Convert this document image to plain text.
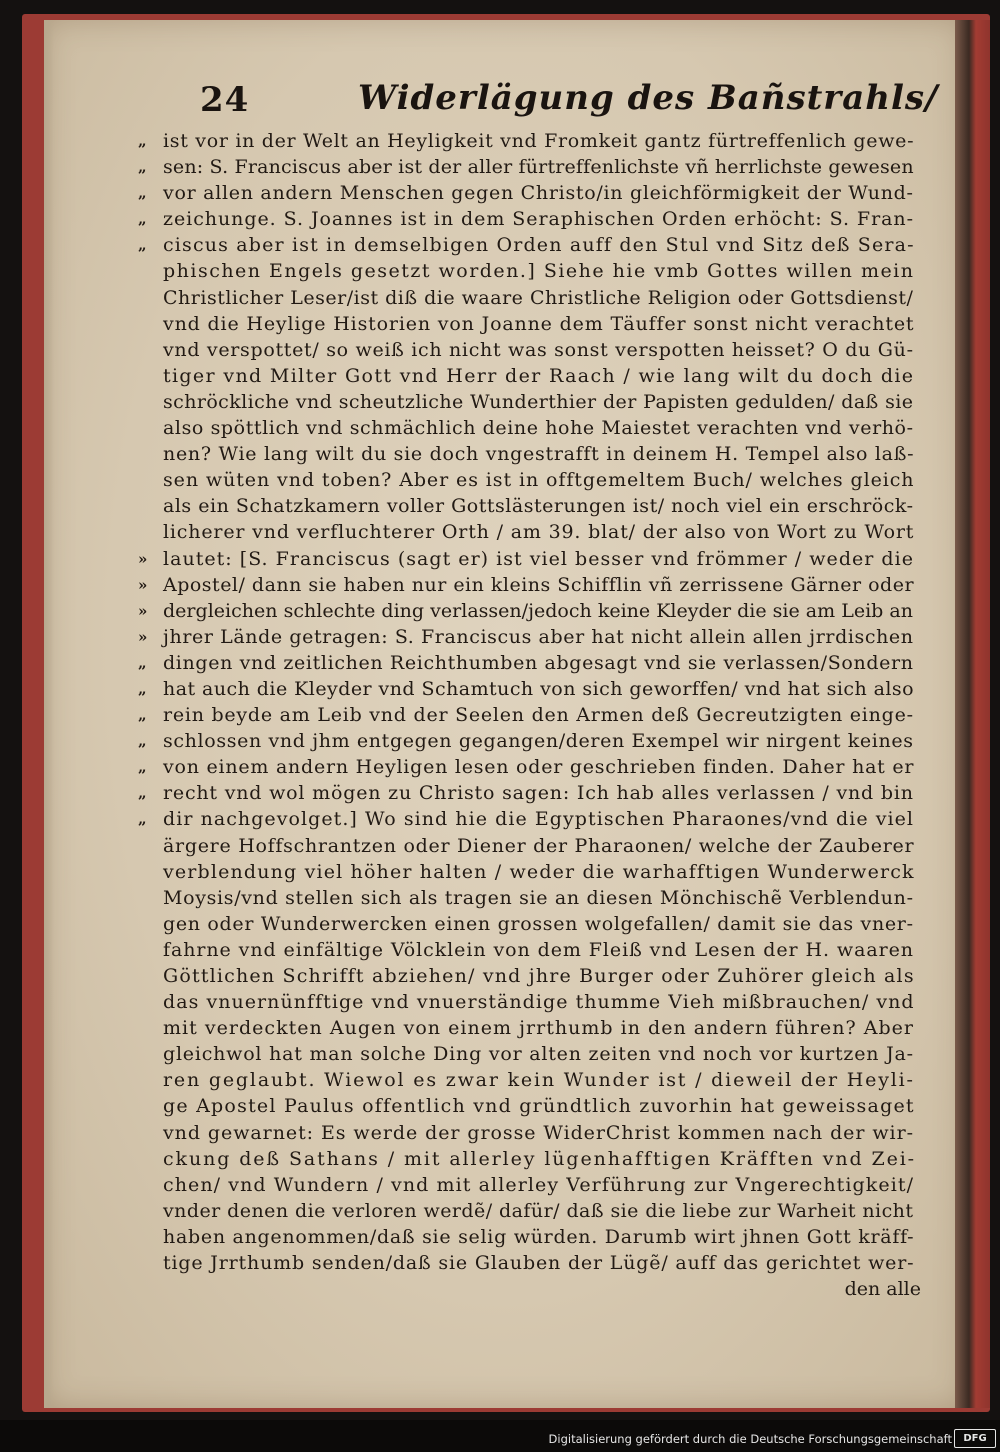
24	Widerlägung des Bañstrahls/
„ ist vor in der Welt an Heyligkeit vnd Fromkeit gantz fürtreffenlich gewe-
„ sen: S. Franciscus aber ist der aller fürtreffenlichste vñ herrlichste gewesen
„ vor allen andern Menschen gegen Christo/in gleichförmigkeit der Wund-
„ zeichunge. S. Joannes ist in dem Seraphischen Orden erhöcht: S. Fran-
„ ciscus aber ist in demselbigen Orden auff den Stul vnd Sitz deß Sera-
phischen Engels gesetzt worden.] Siehe hie vmb Gottes willen mein
Christlicher Leser/ist diß die waare Christliche Religion oder Gottsdienst/
vnd die Heylige Historien von Joanne dem Täuffer sonst nicht verachtet
vnd verspottet/ so weiß ich nicht was sonst verspotten heisset? O du Gü-
tiger vnd Milter Gott vnd Herr der Raach / wie lang wilt du doch die
schröckliche vnd scheutzliche Wunderthier der Papisten gedulden/ daß sie
also spöttlich vnd schmächlich deine hohe Maiestet verachten vnd verhö-
nen? Wie lang wilt du sie doch vngestrafft in deinem H. Tempel also laß-
sen wüten vnd toben? Aber es ist in offtgemeltem Buch/ welches gleich
als ein Schatzkamern voller Gottslästerungen ist/ noch viel ein erschröck-
licherer vnd verfluchterer Orth / am 39. blat/ der also von Wort zu Wort
» lautet: [S. Franciscus (sagt er) ist viel besser vnd frömmer / weder die
» Apostel/ dann sie haben nur ein kleins Schifflin vñ zerrissene Gärner oder
» dergleichen schlechte ding verlassen/jedoch keine Kleyder die sie am Leib an
» jhrer Lände getragen: S. Franciscus aber hat nicht allein allen jrrdischen
„ dingen vnd zeitlichen Reichthumben abgesagt vnd sie verlassen/Sondern
„ hat auch die Kleyder vnd Schamtuch von sich geworffen/ vnd hat sich also
„ rein beyde am Leib vnd der Seelen den Armen deß Gecreutzigten einge-
„ schlossen vnd jhm entgegen gegangen/deren Exempel wir nirgent keines
„ von einem andern Heyligen lesen oder geschrieben finden. Daher hat er
„ recht vnd wol mögen zu Christo sagen: Ich hab alles verlassen / vnd bin
„ dir nachgevolget.] Wo sind hie die Egyptischen Pharaones/vnd die viel
ärgere Hoffschrantzen oder Diener der Pharaonen/ welche der Zauberer
verblendung viel höher halten / weder die warhafftigen Wunderwerck
Moysis/vnd stellen sich als tragen sie an diesen Mönchischẽ Verblendun-
gen oder Wunderwercken einen grossen wolgefallen/ damit sie das vner-
fahrne vnd einfältige Völcklein von dem Fleiß vnd Lesen der H. waaren
Göttlichen Schrifft abziehen/ vnd jhre Burger oder Zuhörer gleich als
das vnuernünfftige vnd vnuerständige thumme Vieh mißbrauchen/ vnd
mit verdeckten Augen von einem jrrthumb in den andern führen? Aber
gleichwol hat man solche Ding vor alten zeiten vnd noch vor kurtzen Ja-
ren geglaubt. Wiewol es zwar kein Wunder ist / dieweil der Heyli-
ge Apostel Paulus offentlich vnd gründtlich zuvorhin hat geweissaget
vnd gewarnet: Es werde der grosse WiderChrist kommen nach der wir-
ckung deß Sathans / mit allerley lügenhafftigen Kräfften vnd Zei-
chen/ vnd Wundern / vnd mit allerley Verführung zur Vngerechtigkeit/
vnder denen die verloren werdẽ/ dafür/ daß sie die liebe zur Warheit nicht
haben angenommen/daß sie selig würden. Darumb wirt jhnen Gott kräff-
tige Jrrthumb senden/daß sie Glauben der Lügẽ/ auff das gerichtet wer-
den alle
Digitalisierung gefördert durch die Deutsche Forschungsgemeinschaft	DFG
